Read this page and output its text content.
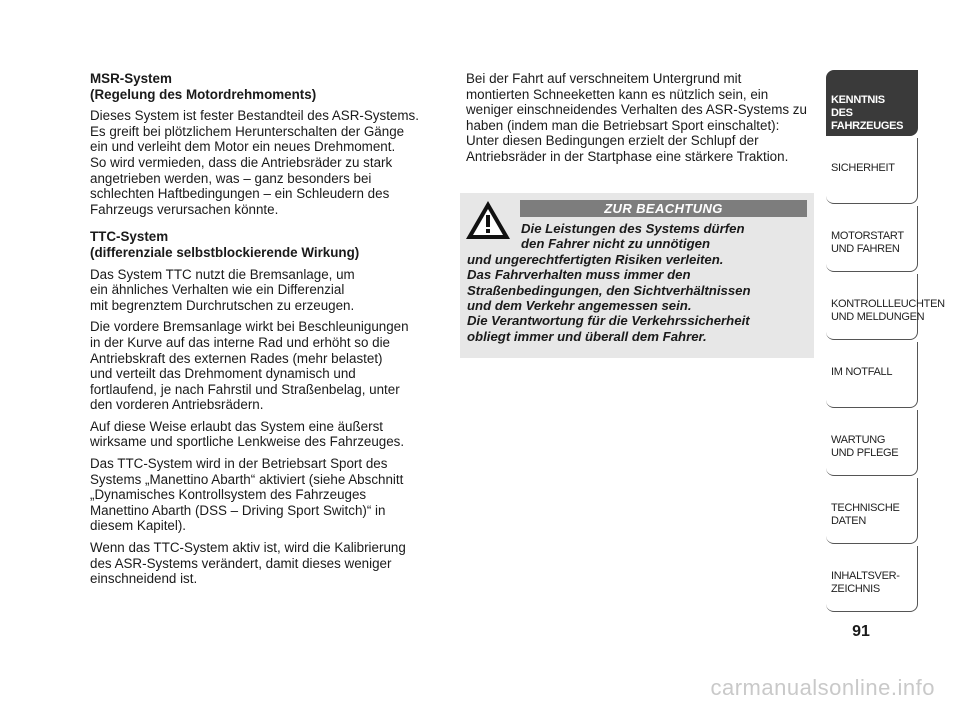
MSR-System
(Regelung des Motordrehmoments)

Dieses System ist fester Bestandteil des ASR-Systems.
Es greift bei plötzlichem Herunterschalten der Gänge
ein und verleiht dem Motor ein neues Drehmoment.
So wird vermieden, dass die Antriebsräder zu stark
angetrieben werden, was – ganz besonders bei
schlechten Haftbedingungen – ein Schleudern des
Fahrzeugs verursachen könnte.

TTC-System
(differenziale selbstblockierende Wirkung)

Das System TTC nutzt die Bremsanlage, um
ein ähnliches Verhalten wie ein Differenzial
mit begrenztem Durchrutschen zu erzeugen.

Die vordere Bremsanlage wirkt bei Beschleunigungen
in der Kurve auf das interne Rad und erhöht so die
Antriebskraft des externen Rades (mehr belastet)
und verteilt das Drehmoment dynamisch und
fortlaufend, je nach Fahrstil und Straßenbelag, unter
den vorderen Antriebsrädern.

Auf diese Weise erlaubt das System eine äußerst
wirksame und sportliche Lenkweise des Fahrzeuges.

Das TTC-System wird in der Betriebsart Sport des
Systems „Manettino Abarth“ aktiviert (siehe Abschnitt
„Dynamisches Kontrollsystem des Fahrzeuges
Manettino Abarth (DSS – Driving Sport Switch)“ in
diesem Kapitel).

Wenn das TTC-System aktiv ist, wird die Kalibrierung
des ASR-Systems verändert, damit dieses weniger
einschneidend ist.

Bei der Fahrt auf verschneitem Untergrund mit
montierten Schneeketten kann es nützlich sein, ein
weniger einschneidendes Verhalten des ASR-Systems zu
haben (indem man die Betriebsart Sport einschaltet):
Unter diesen Bedingungen erzielt der Schlupf der
Antriebsräder in der Startphase eine stärkere Traktion.

ZUR BEACHTUNG
Die Leistungen des Systems dürfen
den Fahrer nicht zu unnötigen
und ungerechtfertigten Risiken verleiten.
Das Fahrverhalten muss immer den
Straßenbedingungen, den Sichtverhältnissen
und dem Verkehr angemessen sein.
Die Verantwortung für die Verkehrssicherheit
obliegt immer und überall dem Fahrer.
KENNTNIS
DES FAHRZEUGES
SICHERHEIT
MOTORSTART
UND FAHREN
KONTROLLLEUCHTEN
UND MELDUNGEN
IM NOTFALL
WARTUNG
UND PFLEGE
TECHNISCHE
DATEN
INHALTSVER-
ZEICHNIS
91
carmanualsonline.info
